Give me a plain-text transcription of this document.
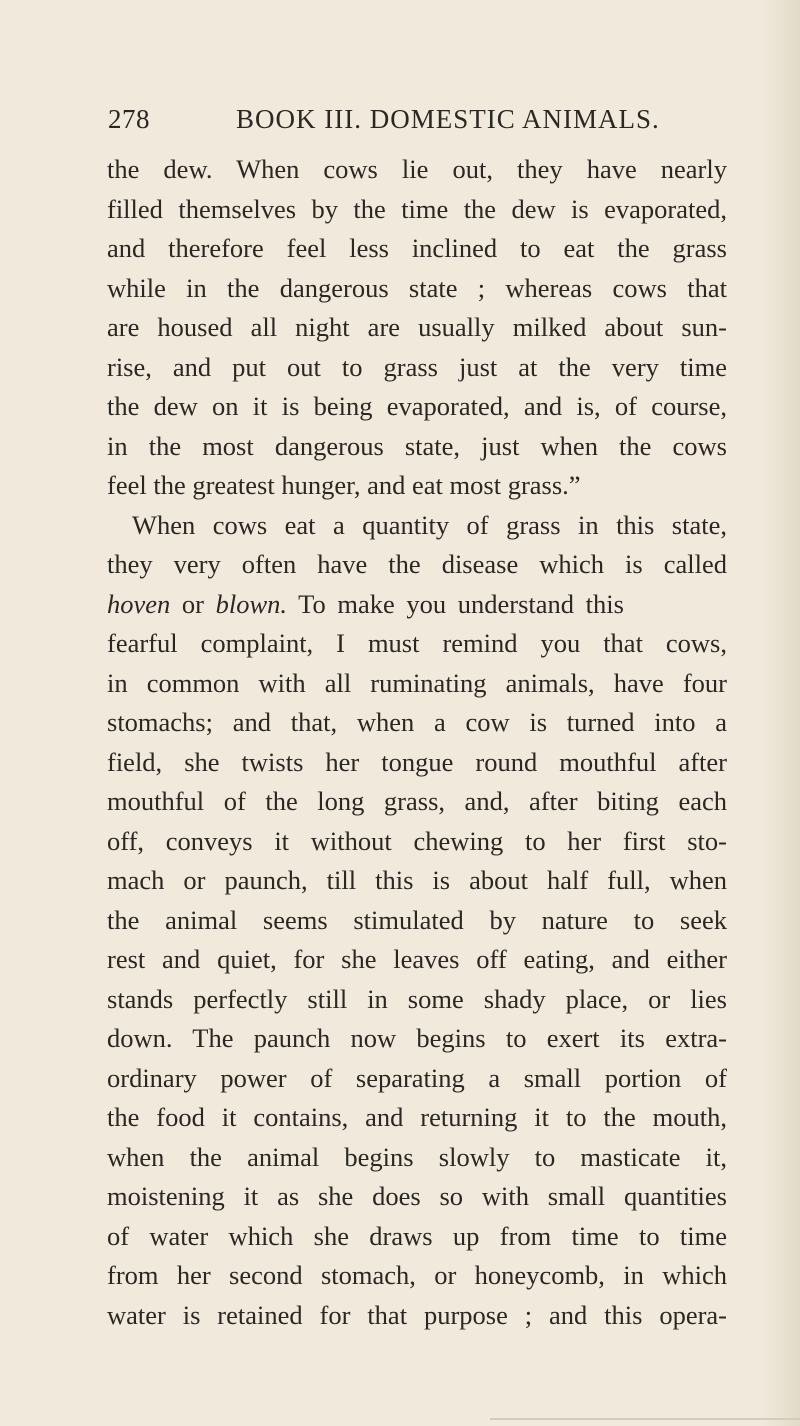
278	BOOK III. DOMESTIC ANIMALS.
the dew. When cows lie out, they have nearly
filled themselves by the time the dew is evaporated,
and therefore feel less inclined to eat the grass
while in the dangerous state ; whereas cows that
are housed all night are usually milked about sun-
rise, and put out to grass just at the very time
the dew on it is being evaporated, and is, of course,
in the most dangerous state, just when the cows
feel the greatest hunger, and eat most grass.”
When cows eat a quantity of grass in this state,
they very often have the disease which is called
hoven or blown. To make you understand this
fearful complaint, I must remind you that cows,
in common with all ruminating animals, have four
stomachs; and that, when a cow is turned into a
field, she twists her tongue round mouthful after
mouthful of the long grass, and, after biting each
off, conveys it without chewing to her first sto-
mach or paunch, till this is about half full, when
the animal seems stimulated by nature to seek
rest and quiet, for she leaves off eating, and either
stands perfectly still in some shady place, or lies
down. The paunch now begins to exert its extra-
ordinary power of separating a small portion of
the food it contains, and returning it to the mouth,
when the animal begins slowly to masticate it,
moistening it as she does so with small quantities
of water which she draws up from time to time
from her second stomach, or honeycomb, in which
water is retained for that purpose ; and this opera-
